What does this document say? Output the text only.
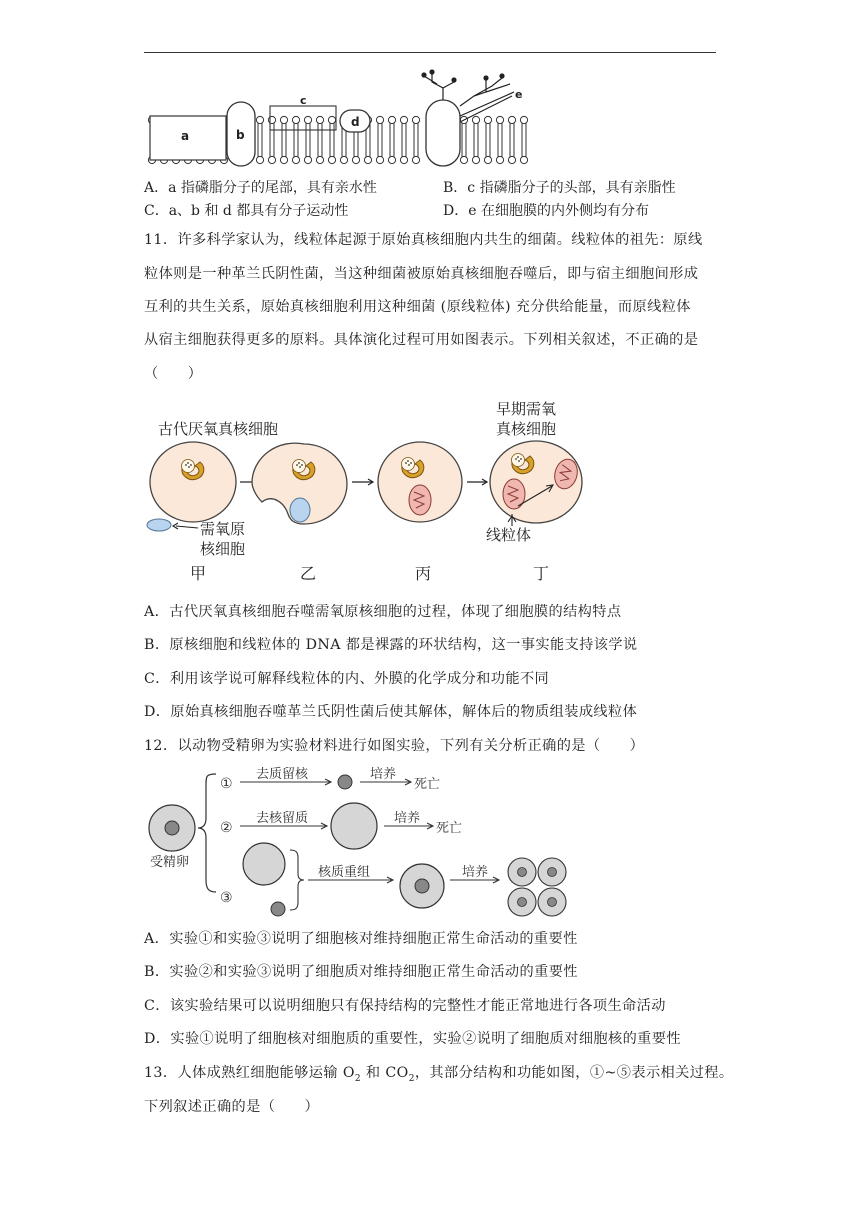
a	b
c
d
e
A．a 指磷脂分子的尾部，具有亲水性	B．c 指磷脂分子的头部，具有亲脂性
C．a、b 和 d 都具有分子运动性	D．e 在细胞膜的内外侧均有分布
11．许多科学家认为，线粒体起源于原始真核细胞内共生的细菌。线粒体的祖先：原线
粒体则是一种革兰氏阴性菌，当这种细菌被原始真核细胞吞噬后，即与宿主细胞间形成
互利的共生关系，原始真核细胞利用这种细菌 (原线粒体) 充分供给能量，而原线粒体
从宿主细胞获得更多的原料。具体演化过程可用如图表示。下列相关叙述，不正确的是
（　　）
古代厌氧真核细胞
早期需氧
真核细胞
需氧原
核细胞
线粒体
甲	乙	丙	丁
A．古代厌氧真核细胞吞噬需氧原核细胞的过程，体现了细胞膜的结构特点
B．原核细胞和线粒体的 DNA 都是裸露的环状结构，这一事实能支持该学说
C．利用该学说可解释线粒体的内、外膜的化学成分和功能不同
D．原始真核细胞吞噬革兰氏阴性菌后使其解体，解体后的物质组装成线粒体
12．以动物受精卵为实验材料进行如图实验，下列有关分析正确的是（　　）
受精卵
①
去质留核	培养
死亡
②
去核留质	培养
死亡
③
核质重组	培养
A．实验①和实验③说明了细胞核对维持细胞正常生命活动的重要性
B．实验②和实验③说明了细胞质对维持细胞正常生命活动的重要性
C．该实验结果可以说明细胞只有保持结构的完整性才能正常地进行各项生命活动
D．实验①说明了细胞核对细胞质的重要性，实验②说明了细胞质对细胞核的重要性
13．人体成熟红细胞能够运输 $O_2$ 和 $CO_2$，其部分结构和功能如图，①~⑤表示相关过程。
下列叙述正确的是（　　）
